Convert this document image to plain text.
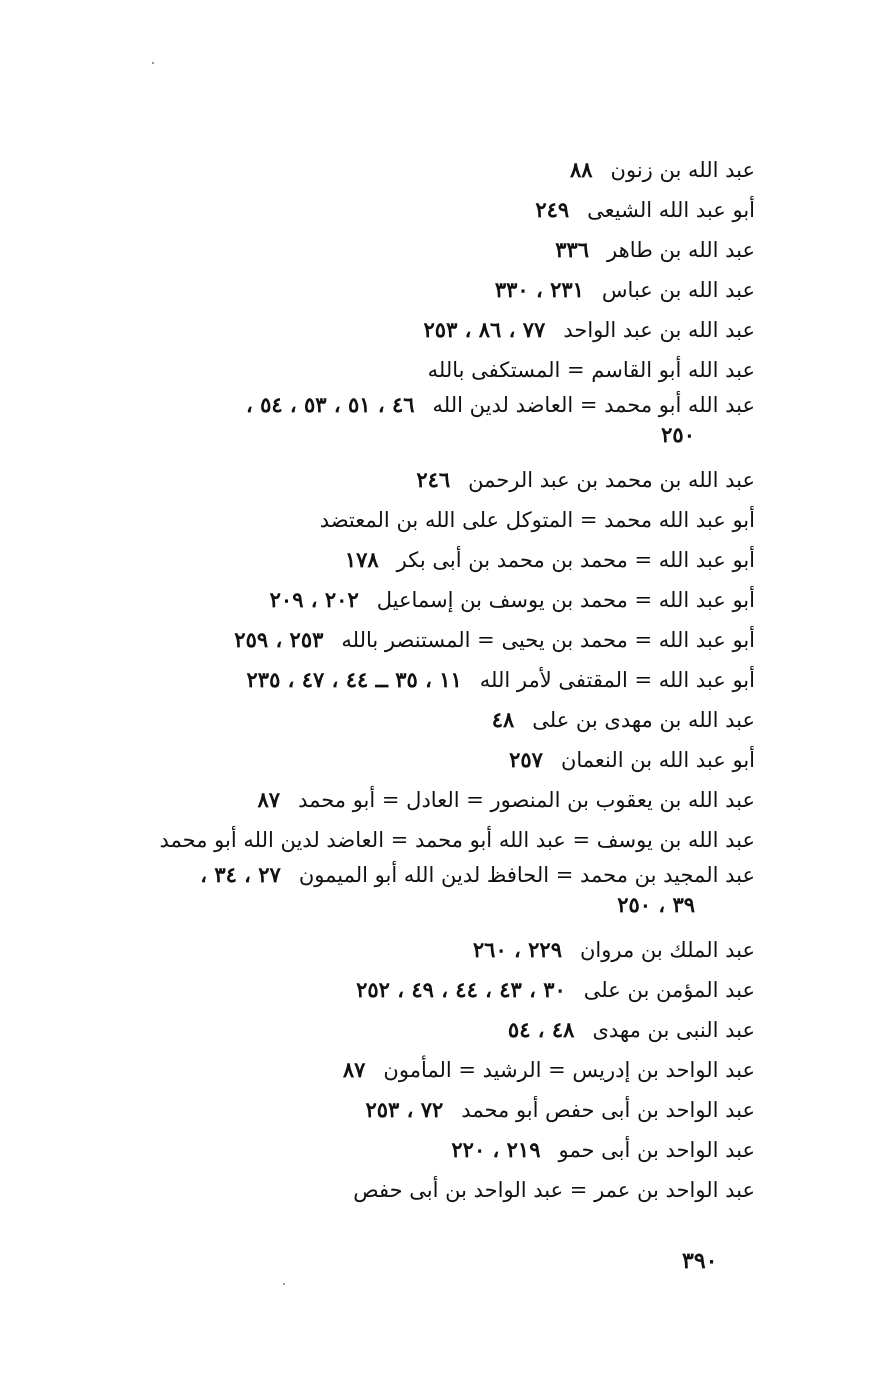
عبد الله بن زنون٨٨
أبو عبد الله الشيعى٢٤٩
عبد الله بن طاهر٣٣٦
عبد الله بن عباس٢٣١ ، ٣٣٠
عبد الله بن عبد الواحد٧٧ ، ٨٦ ، ٢٥٣
عبد الله أبو القاسم = المستكفى بالله
عبد الله أبو محمد = العاضد لدين الله٤٦ ، ٥١ ، ٥٣ ، ٥٤ ،
٢٥٠
عبد الله بن محمد بن عبد الرحمن٢٤٦
أبو عبد الله محمد = المتوكل على الله بن المعتضد
أبو عبد الله = محمد بن محمد بن أبى بكر١٧٨
أبو عبد الله = محمد بن يوسف بن إسماعيل٢٠٢ ، ٢٠٩
أبو عبد الله = محمد بن يحيى = المستنصر بالله٢٥٣ ، ٢٥٩
أبو عبد الله = المقتفى لأمر الله١١ ، ٣٥ ــ ٤٤ ، ٤٧ ، ٢٣٥
عبد الله بن مهدى بن على٤٨
أبو عبد الله بن النعمان٢٥٧
عبد الله بن يعقوب بن المنصور = العادل = أبو محمد٨٧
عبد الله بن يوسف = عبد الله أبو محمد = العاضد لدين الله أبو محمد
عبد المجيد بن محمد = الحافظ لدين الله أبو الميمون٢٧ ، ٣٤ ،
٣٩ ، ٢٥٠
عبد الملك بن مروان٢٢٩ ، ٢٦٠
عبد المؤمن بن على٣٠ ، ٤٣ ، ٤٤ ، ٤٩ ، ٢٥٢
عبد النبى بن مهدى٤٨ ، ٥٤
عبد الواحد بن إدريس = الرشيد = المأمون٨٧
عبد الواحد بن أبى حفص أبو محمد٧٢ ، ٢٥٣
عبد الواحد بن أبى حمو٢١٩ ، ٢٢٠
عبد الواحد بن عمر = عبد الواحد بن أبى حفص
٣٩٠
